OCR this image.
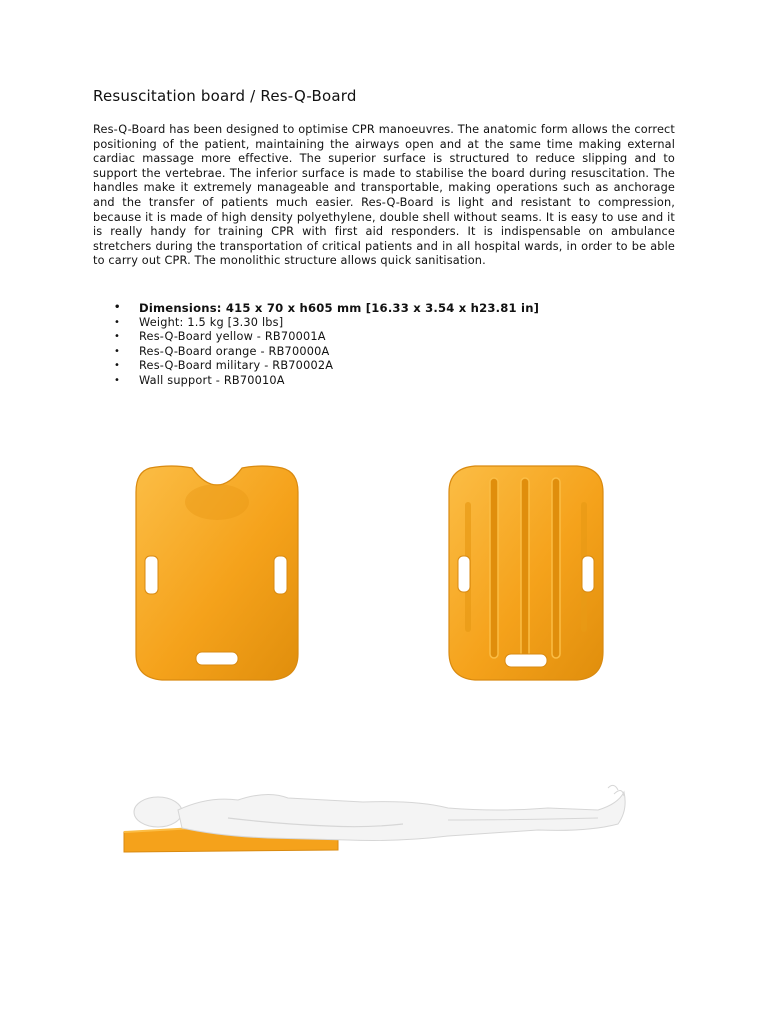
Resuscitation board / Res-Q-Board

Res-Q-Board has been designed to optimise CPR manoeuvres. The anatomic form allows the correct positioning of the patient, maintaining the airways open and at the same time making external cardiac massage more effective. The superior surface is structured to reduce slipping and to support the vertebrae. The inferior surface is made to stabilise the board during resuscitation. The handles make it extremely manageable and transportable, making operations such as anchorage and the transfer of patients much easier. Res-Q-Board is light and resistant to compression, because it is made of high density polyethylene, double shell without seams. It is easy to use and it is really handy for training CPR with first aid responders. It is indispensable on ambulance stretchers during the transportation of critical patients and in all hospital wards, in order to be able to carry out CPR. The monolithic structure allows quick sanitisation.

• Dimensions: 415 x 70 x h605 mm [16.33 x 3.54 x h23.81 in]
• Weight: 1.5 kg [3.30 lbs]
• Res-Q-Board yellow - RB70001A
• Res-Q-Board orange - RB70000A
• Res-Q-Board military - RB70002A
• Wall support - RB70010A
